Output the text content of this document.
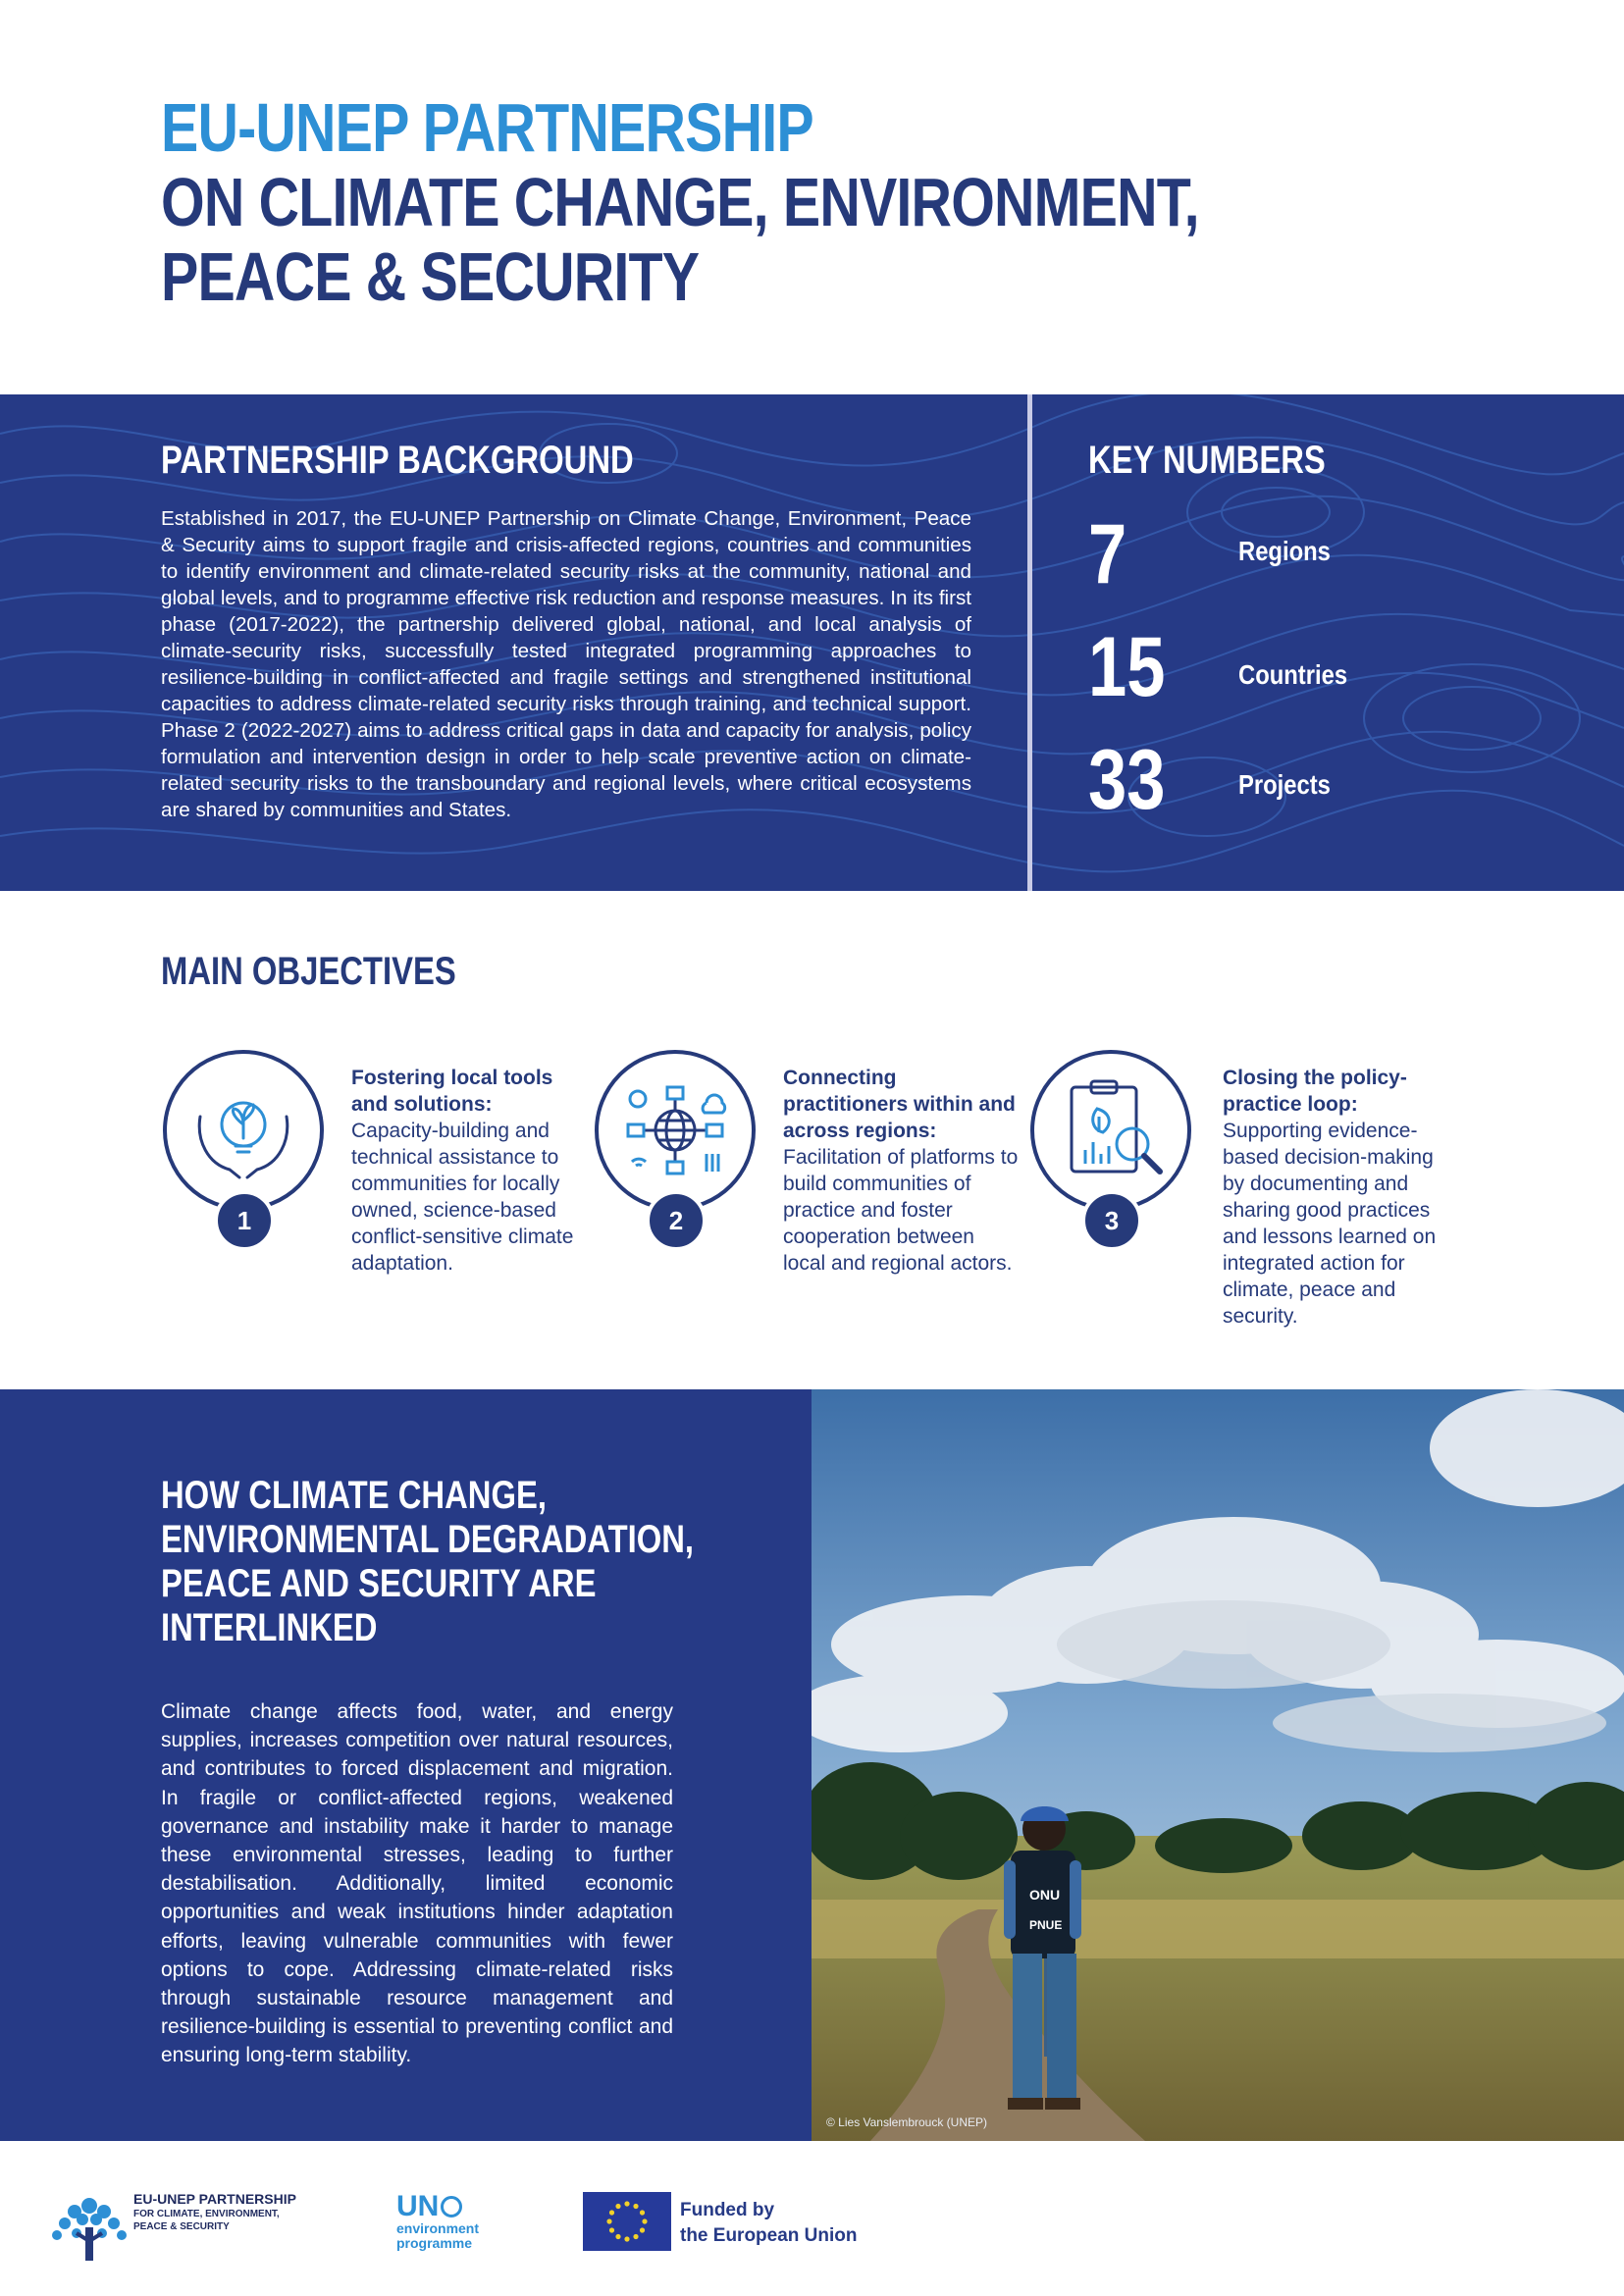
EU-UNEP PARTNERSHIP
ON CLIMATE CHANGE, ENVIRONMENT,
PEACE & SECURITY
PARTNERSHIP BACKGROUND
Established in 2017, the EU-UNEP Partnership on Climate Change, Environment, Peace & Security aims to support fragile and crisis-affected regions, countries and communities to identify environment and climate-related security risks at the community, national and global levels, and to programme effective risk reduction and response measures. In its first phase (2017-2022), the partnership delivered global, national, and local analysis of climate-security risks, successfully tested integrated programming approaches to resilience-building in conflict-affected and fragile settings and strengthened institutional capacities to address climate-related security risks through training, and technical support. Phase 2 (2022-2027) aims to address critical gaps in data and capacity for analysis, policy formulation and intervention design in order to help scale preventive action on climate-related security risks to the transboundary and regional levels, where critical ecosystems are shared by communities and States.
KEY NUMBERS
7	Regions
15	Countries
33	Projects
MAIN OBJECTIVES
1
Fostering local tools and solutions:
Capacity-building and technical assistance to communities for locally owned, science-based conflict-sensitive climate adaptation.
2
Connecting practitioners within and across regions:
Facilitation of platforms to build communities of practice and foster cooperation between local and regional actors.
3
Closing the policy-practice loop:
Supporting evidence-based decision-making by documenting and sharing good practices and lessons learned on integrated action for climate, peace and security.
HOW CLIMATE CHANGE,
ENVIRONMENTAL DEGRADATION,
PEACE AND SECURITY ARE
INTERLINKED
Climate change affects food, water, and energy supplies, increases competition over natural resources, and contributes to forced displacement and migration. In fragile or conflict-affected regions, weakened governance and instability make it harder to manage these environmental stresses, leading to further destabilisation. Additionally, limited economic opportunities and weak institutions hinder adaptation efforts, leaving vulnerable communities with fewer options to cope. Addressing climate-related risks through sustainable resource management and resilience-building is essential to preventing conflict and ensuring long-term stability.
ONU
PNUE
© Lies Vanslembrouck (UNEP)
EU-UNEP PARTNERSHIP
FOR CLIMATE, ENVIRONMENT,
PEACE & SECURITY
UN
environment
programme
Funded by
the European Union
